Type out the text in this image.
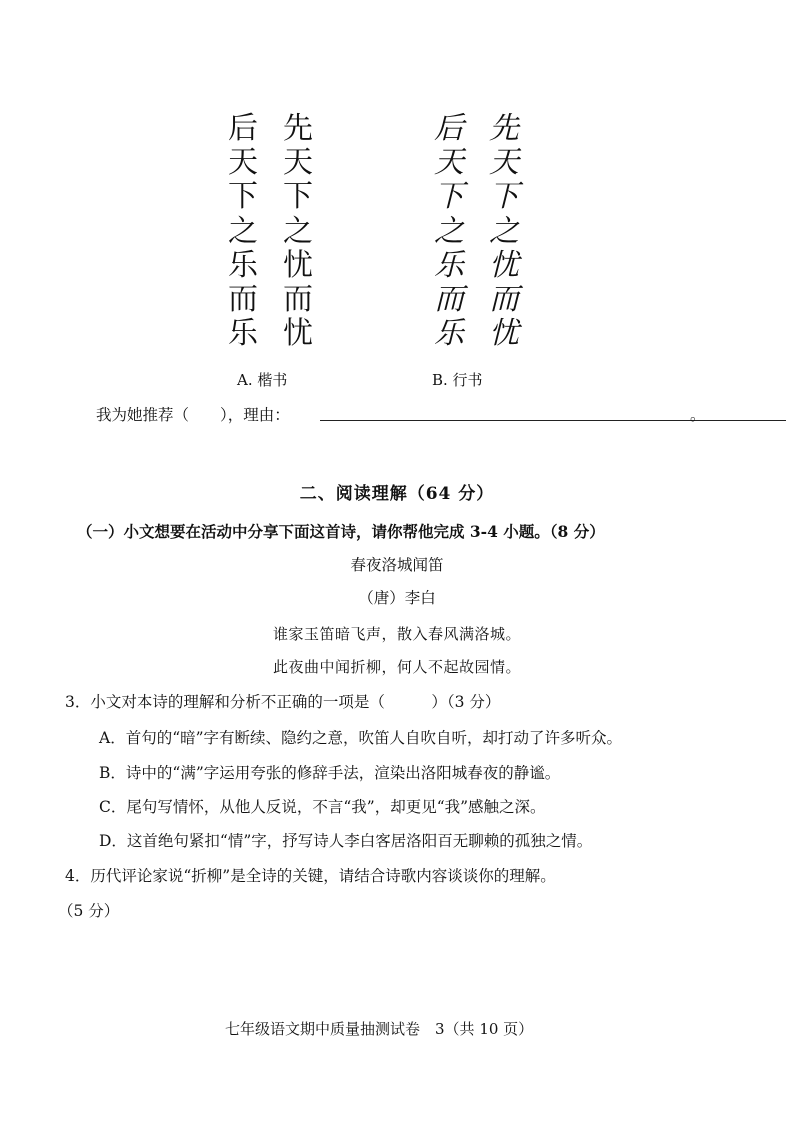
后
天
下
之
乐
而
乐
先
天
下
之
忧
而
忧
后
天
下
之
乐
而
乐
先
天
下
之
忧
而
忧
A. 楷书	B. 行书
我为她推荐（　　），理由：	。
二、阅读理解（64 分）
（一）小文想要在活动中分享下面这首诗，请你帮他完成 3-4 小题。（8 分）
春夜洛城闻笛
（唐）李白
谁家玉笛暗飞声，散入春风满洛城。
此夜曲中闻折柳，何人不起故园情。
3．小文对本诗的理解和分析不正确的一项是（　　　）（3 分）
A．首句的“暗”字有断续、隐约之意，吹笛人自吹自听，却打动了许多听众。
B．诗中的“满”字运用夸张的修辞手法，渲染出洛阳城春夜的静谧。
C．尾句写情怀，从他人反说，不言“我”，却更见“我”感触之深。
D．这首绝句紧扣“情”字，抒写诗人李白客居洛阳百无聊赖的孤独之情。
4．历代评论家说“折柳”是全诗的关键，请结合诗歌内容谈谈你的理解。
（5 分）
七年级语文期中质量抽测试卷　3（共 10 页）
